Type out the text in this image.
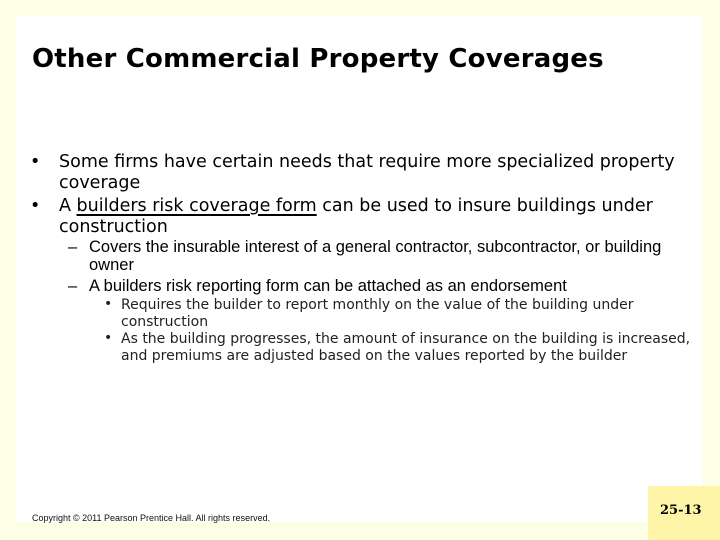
Other Commercial Property Coverages
• Some firms have certain needs that require more specialized property coverage
• A builders risk coverage form can be used to insure buildings under construction
– Covers the insurable interest of a general contractor, subcontractor, or building owner
– A builders risk reporting form can be attached as an endorsement
• Requires the builder to report monthly on the value of the building under construction
• As the building progresses, the amount of insurance on the building is increased, and premiums are adjusted based on the values reported by the builder
Copyright © 2011 Pearson Prentice Hall. All rights reserved.	25-13
